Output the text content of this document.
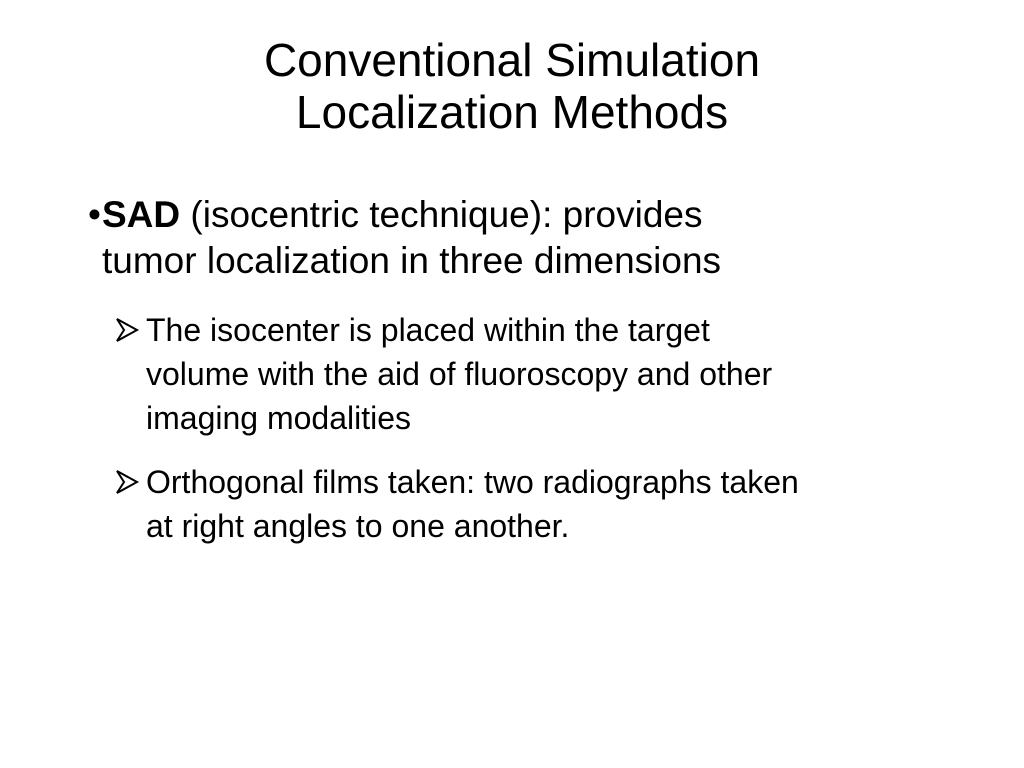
Conventional Simulation
Localization Methods
• SAD (isocentric technique): provides
tumor localization in three dimensions
The isocenter is placed within the target
volume with the aid of fluoroscopy and other
imaging modalities
Orthogonal films taken: two radiographs taken
at right angles to one another.
